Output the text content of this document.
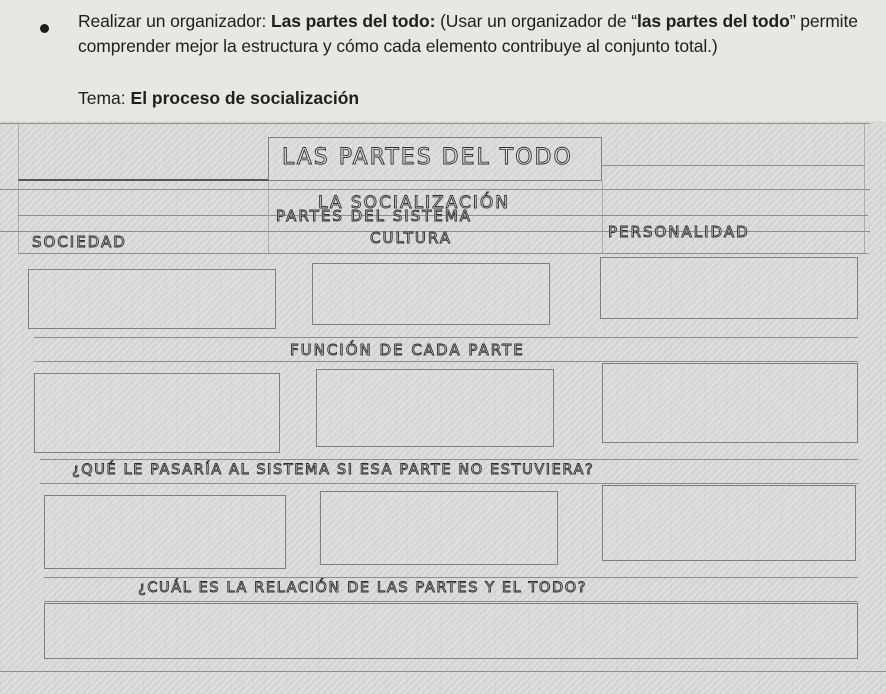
Realizar un organizador: Las partes del todo: (Usar un organizador de “las partes del todo” permite comprender mejor la estructura y cómo cada elemento contribuye al conjunto total.)
Tema: El proceso de socialización
LAS PARTES DEL TODO
LA SOCIALIZACIÓN
PARTES DEL SISTEMA
SOCIEDAD	CULTURA	PERSONALIDAD
FUNCIÓN DE CADA PARTE
¿QUÉ LE PASARÍA AL SISTEMA SI ESA PARTE NO ESTUVIERA?
¿CUÁL ES LA RELACIÓN DE LAS PARTES Y EL TODO?
